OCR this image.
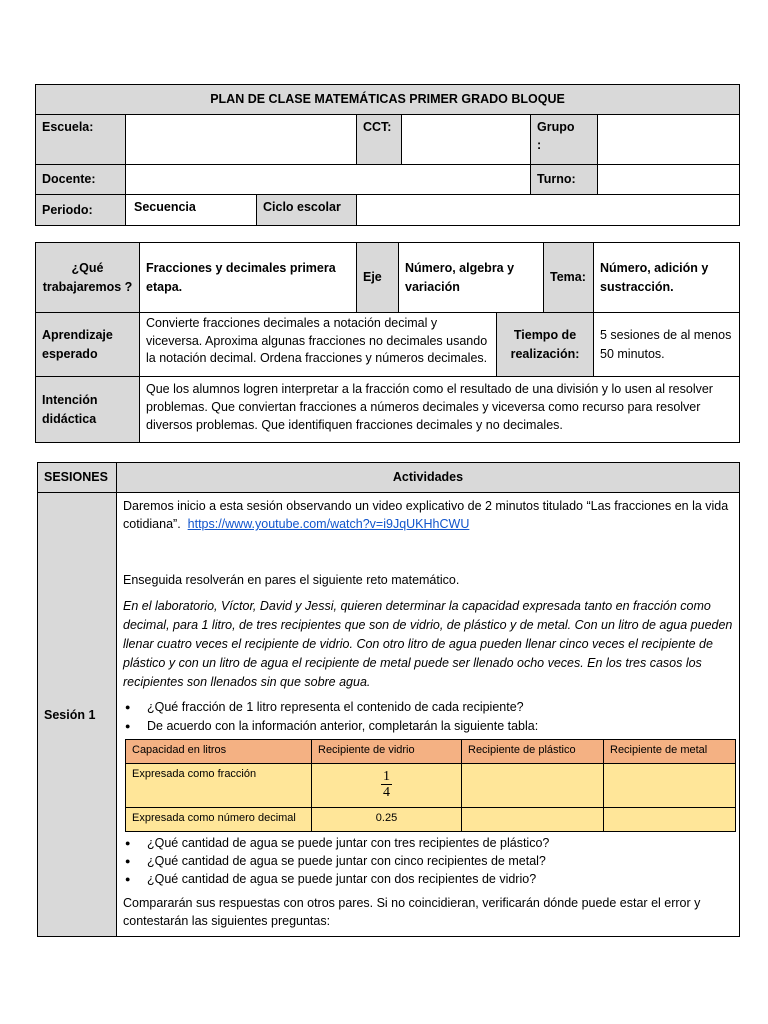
PLAN DE CLASE MATEMÁTICAS PRIMER GRADO BLOQUE					
Escuela:		CCT:		Grupo
:	
Docente:				Turno:	
Periodo:	Secuencia Ciclo escolar				

¿Qué trabajaremos ?	Fracciones y decimales primera etapa.	Eje	Número, algebra y variación		Tema:	Número, adición y sustracción.
Aprendizaje esperado	Convierte fracciones decimales a notación decimal y viceversa. Aproxima algunas fracciones no decimales usando la notación decimal. Ordena fracciones y números decimales.			Tiempo de realización:		5 sesiones de al menos 50 minutos.
Intención didáctica	Que los alumnos logren interpretar a la fracción como el resultado de una división y lo usen al resolver problemas. Que conviertan fracciones a números decimales y viceversa como recurso para resolver diversos problemas. Que identifiquen fracciones decimales y no decimales.					
SESIONES	Actividades
Sesión 1	

Daremos inicio a esta sesión observando un video explicativo de 2 minutos titulado “Las fracciones en la vida cotidiana”. https://www.youtube.com/watch?v=i9JqUKHhCWU

Enseguida resolverán en pares el siguiente reto matemático.

En el laboratorio, Víctor, David y Jessi, quieren determinar la capacidad expresada tanto en fracción como decimal, para 1 litro, de tres recipientes que son de vidrio, de plástico y de metal. Con un litro de agua pueden llenar cuatro veces el recipiente de vidrio. Con otro litro de agua pueden llenar cinco veces el recipiente de plástico y con un litro de agua el recipiente de metal puede ser llenado ocho veces. En los tres casos los recipientes son llenados sin que sobre agua.

● ¿Qué fracción de 1 litro representa el contenido de cada recipiente?
● De acuerdo con la información anterior, completarán la siguiente tabla:
Capacidad en litros	Recipiente de vidrio	Recipiente de plástico	Recipiente de metal
Expresada como fracción	$\frac{1}{4}$

Expresada como número decimal	0.25		
● ¿Qué cantidad de agua se puede juntar con tres recipientes de plástico?
● ¿Qué cantidad de agua se puede juntar con cinco recipientes de metal?
● ¿Qué cantidad de agua se puede juntar con dos recipientes de vidrio?

Compararán sus respuestas con otros pares. Si no coincidieran, verificarán dónde puede estar el error y contestarán las siguientes preguntas:
